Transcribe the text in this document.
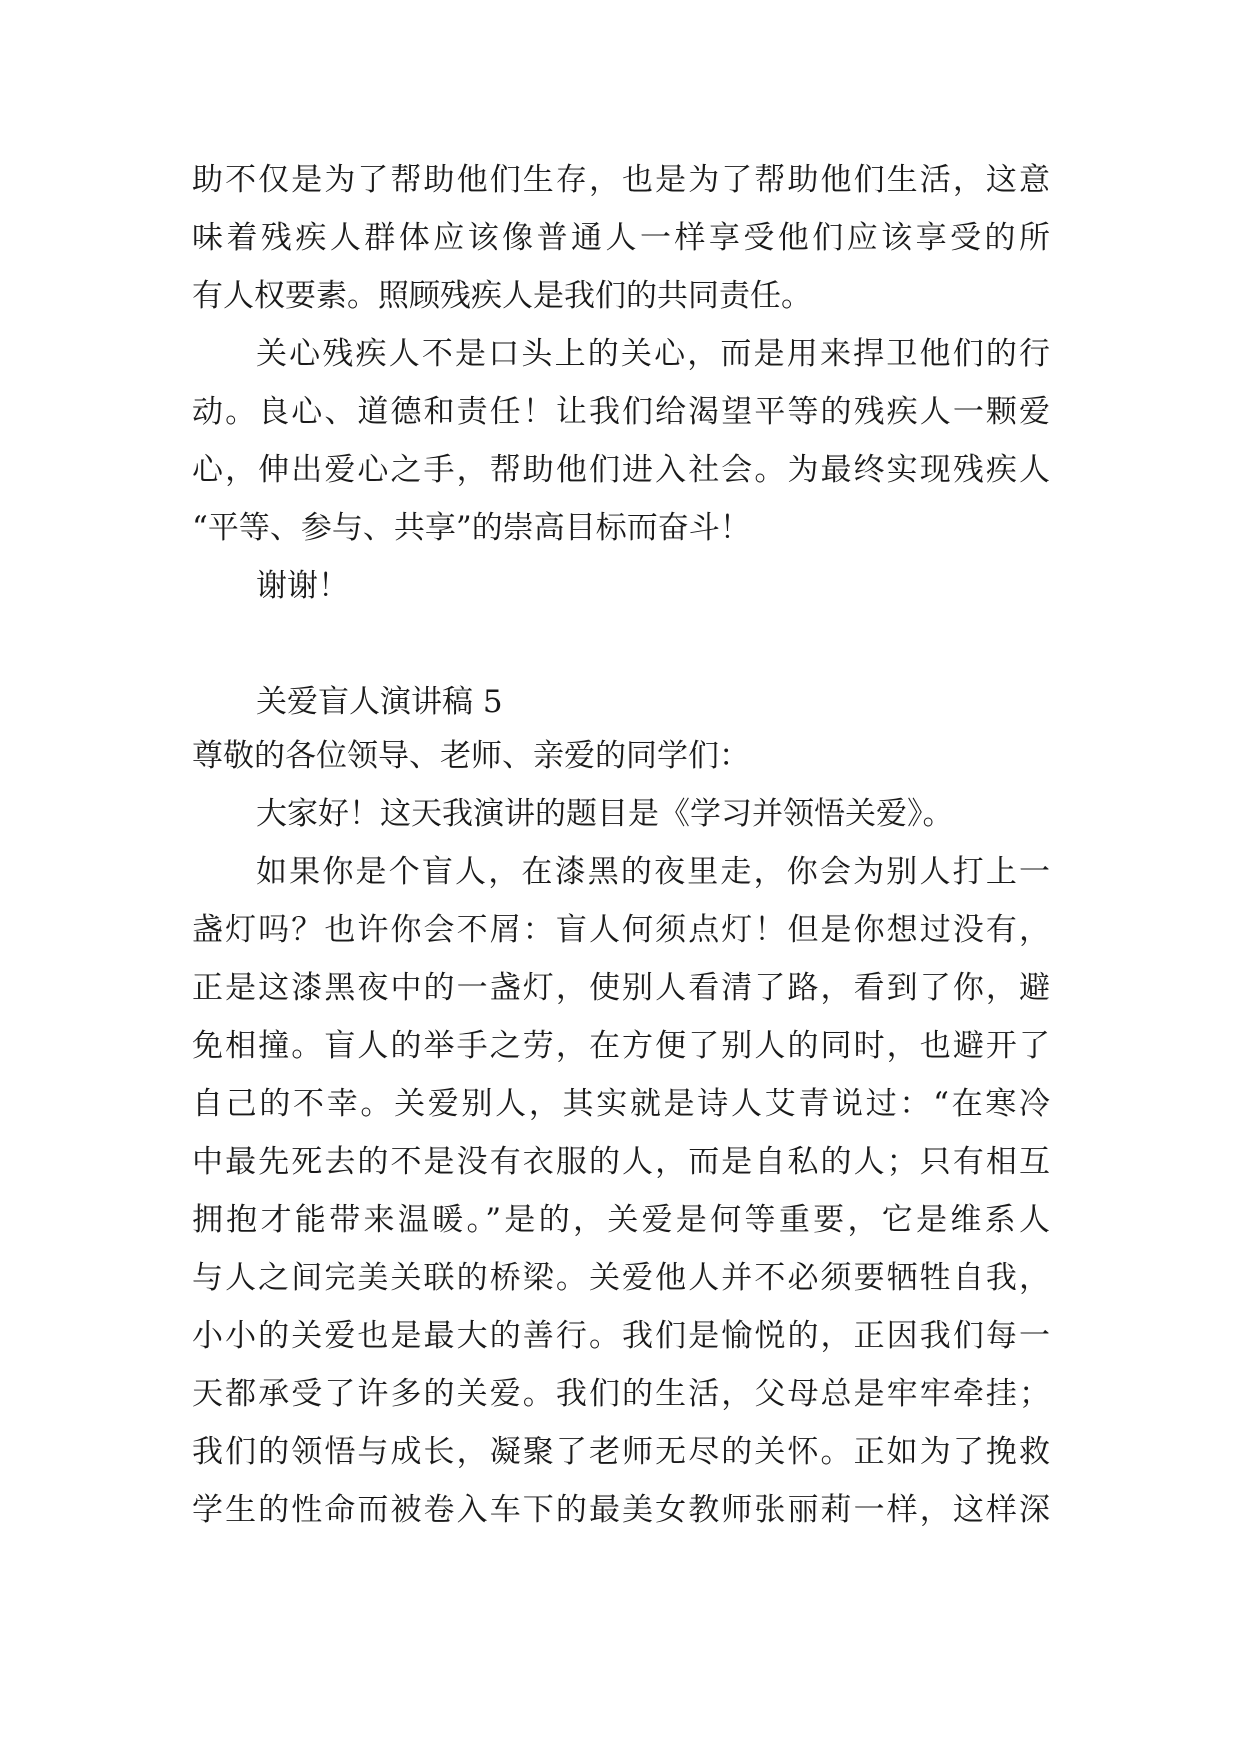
助不仅是为了帮助他们生存，也是为了帮助他们生活，这意
味着残疾人群体应该像普通人一样享受他们应该享受的所
有人权要素。照顾残疾人是我们的共同责任。
关心残疾人不是口头上的关心，而是用来捍卫他们的行
动。良心、道德和责任！让我们给渴望平等的残疾人一颗爱
心，伸出爱心之手，帮助他们进入社会。为最终实现残疾人
“平等、参与、共享”的崇高目标而奋斗！
谢谢！
关爱盲人演讲稿 5
尊敬的各位领导、老师、亲爱的同学们：
大家好！这天我演讲的题目是《学习并领悟关爱》。
如果你是个盲人，在漆黑的夜里走，你会为别人打上一
盏灯吗？也许你会不屑：盲人何须点灯！但是你想过没有，
正是这漆黑夜中的一盏灯，使别人看清了路，看到了你，避
免相撞。盲人的举手之劳，在方便了别人的同时，也避开了
自己的不幸。关爱别人，其实就是诗人艾青说过：“在寒冷
中最先死去的不是没有衣服的人，而是自私的人；只有相互
拥抱才能带来温暖。”是的，关爱是何等重要，它是维系人
与人之间完美关联的桥梁。关爱他人并不必须要牺牲自我，
小小的关爱也是最大的善行。我们是愉悦的，正因我们每一
天都承受了许多的关爱。我们的生活，父母总是牢牢牵挂；
我们的领悟与成长，凝聚了老师无尽的关怀。正如为了挽救
学生的性命而被卷入车下的最美女教师张丽莉一样，这样深
